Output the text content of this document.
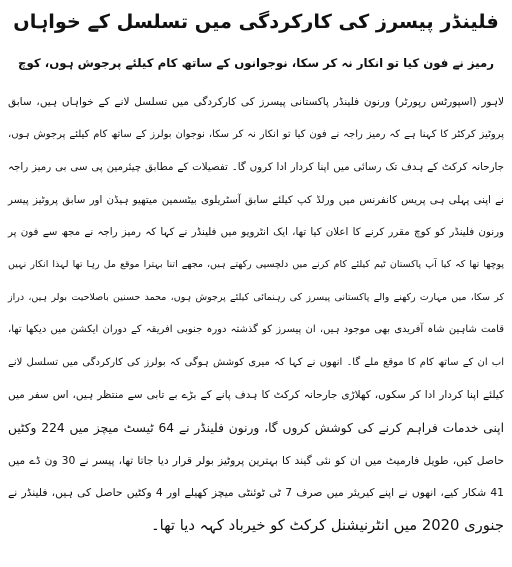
فلینڈر پیسرز کی کارکردگی میں تسلسل کے خواہاں
رمیز نے فون کیا تو انکار نہ کر سکا، نوجوانوں کے ساتھ کام کیلئے پرجوش ہوں، کوچ
لاہور (اسپورٹس رپورٹر) ورنون فلینڈر پاکستانی پیسرز کی کارکردگی میں تسلسل لانے کے خواہاں ہیں، سابق
پروٹیز کرکٹر کا کہنا ہے کہ رمیز راجہ نے فون کیا تو انکار نہ کر سکا، نوجوان بولرز کے ساتھ کام کیلئے پرجوش ہوں،
جارحانہ کرکٹ کے ہدف تک رسائی میں اپنا کردار ادا کروں گا۔ تفصیلات کے مطابق چیئرمین پی سی بی رمیز راجہ
نے اپنی پہلی ہی پریس کانفرنس میں ورلڈ کپ کیلئے سابق آسٹریلوی بیٹسمین میتھیو ہیڈن اور سابق پروٹیز پیسر
ورنون فلینڈر کو کوچ مقرر کرنے کا اعلان کیا تھا، ایک انٹرویو میں فلینڈر نے کہا کہ رمیز راجہ نے مجھ سے فون پر
پوچھا تھا کہ کیا آپ پاکستان ٹیم کیلئے کام کرنے میں دلچسپی رکھتے ہیں، مجھے اتنا بہترا موقع مل رہا تھا لہذا انکار نہیں
کر سکا، میں مہارت رکھنے والے پاکستانی پیسرز کی رہنمائی کیلئے پرجوش ہوں، محمد حسنین باصلاحیت بولر ہیں، دراز
قامت شاہین شاہ آفریدی بھی موجود ہیں، ان پیسرز کو گذشتہ دورہ جنوبی افریقہ کے دوران ایکشن میں دیکھا تھا،
اب ان کے ساتھ کام کا موقع ملے گا۔ انھوں نے کہا کہ میری کوشش ہوگی کہ بولرز کی کارکردگی میں تسلسل لانے
کیلئے اپنا کردار ادا کر سکوں، کھلاڑی جارحانہ کرکٹ کا ہدف پانے کے بڑے بے تابی سے منتظر ہیں، اس سفر میں
اپنی خدمات فراہم کرنے کی کوشش کروں گا، ورنون فلینڈر نے 64 ٹیسٹ میچز میں 224 وکٹیں
حاصل کیں، طویل فارمیٹ میں ان کو نئی گیند کا بہترین پروٹیز بولر قرار دیا جاتا تھا، پیسر نے 30 ون ڈے میں
41 شکار کیے، انھوں نے اپنے کیریئر میں صرف 7 ٹی ٹوئنٹی میچز کھیلے اور 4 وکٹیں حاصل کی ہیں، فلینڈر نے
جنوری 2020 میں انٹرنیشنل کرکٹ کو خیرباد کہہ دیا تھا۔
